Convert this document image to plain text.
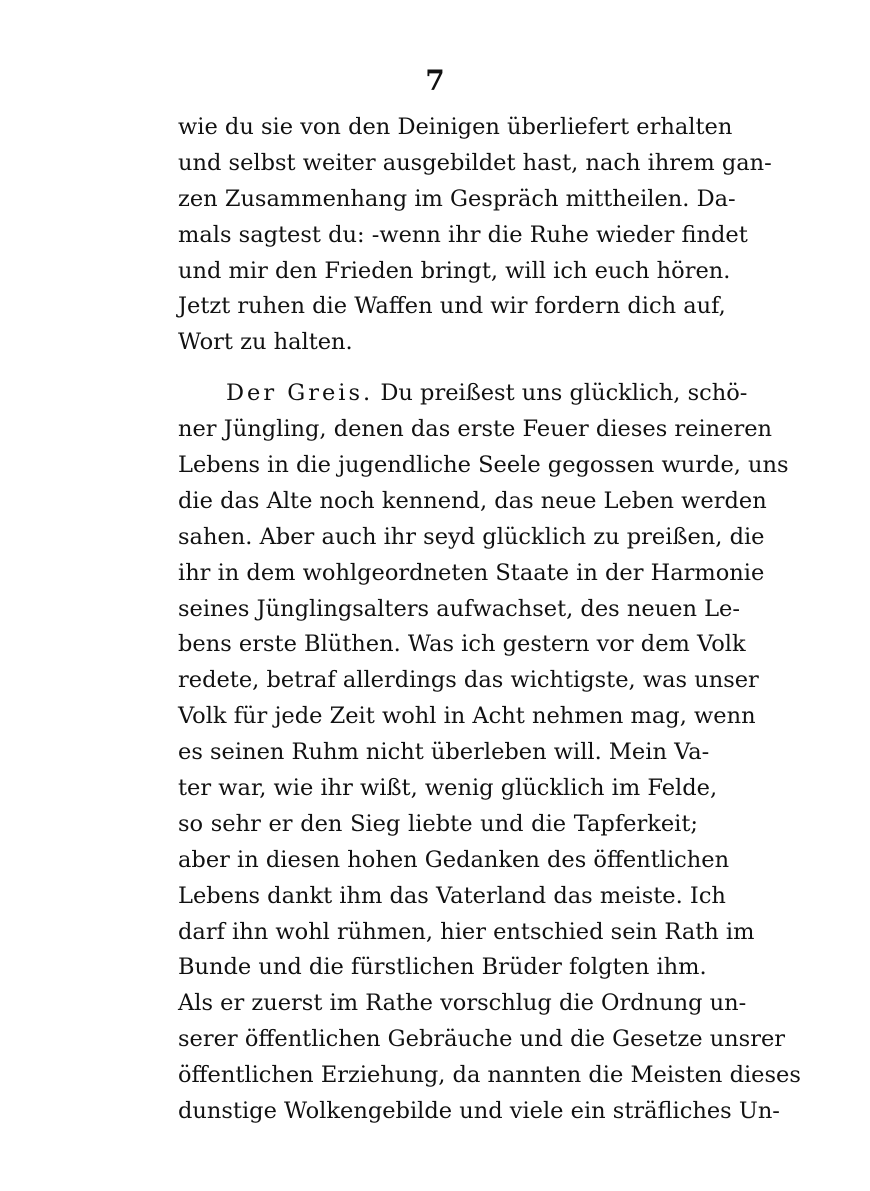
7
wie du sie von den Deinigen überliefert erhalten
und selbst weiter ausgebildet hast, nach ihrem gan-
zen Zusammenhang im Gespräch mittheilen. Da-
mals sagtest du: -wenn ihr die Ruhe wieder findet
und mir den Frieden bringt, will ich euch hören.
Jetzt ruhen die Waffen und wir fordern dich auf,
Wort zu halten.
Der Greis. Du preißest uns glücklich, schö-
ner Jüngling, denen das erste Feuer dieses reineren
Lebens in die jugendliche Seele gegossen wurde, uns
die das Alte noch kennend, das neue Leben werden
sahen. Aber auch ihr seyd glücklich zu preißen, die
ihr in dem wohlgeordneten Staate in der Harmonie
seines Jünglingsalters aufwachset, des neuen Le-
bens erste Blüthen. Was ich gestern vor dem Volk
redete, betraf allerdings das wichtigste, was unser
Volk für jede Zeit wohl in Acht nehmen mag, wenn
es seinen Ruhm nicht überleben will. Mein Va-
ter war, wie ihr wißt, wenig glücklich im Felde,
so sehr er den Sieg liebte und die Tapferkeit;
aber in diesen hohen Gedanken des öffentlichen
Lebens dankt ihm das Vaterland das meiste. Ich
darf ihn wohl rühmen, hier entschied sein Rath im
Bunde und die fürstlichen Brüder folgten ihm.
Als er zuerst im Rathe vorschlug die Ordnung un-
serer öffentlichen Gebräuche und die Gesetze unsrer
öffentlichen Erziehung, da nannten die Meisten dieses
dunstige Wolkengebilde und viele ein sträfliches Un-
